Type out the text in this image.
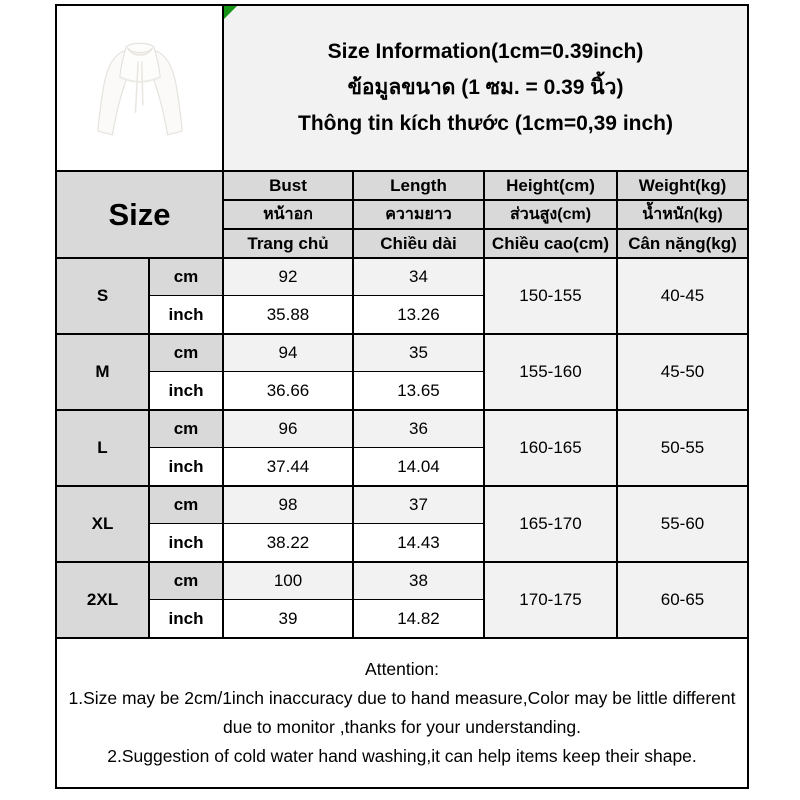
Size Information(1cm=0.39inch)
ข้อมูลขนาด (1 ซม. = 0.39 นิ้ว)
Thông tin kích thước (1cm=0,39 inch)			

Size		Bust	Length	Height(cm)	Weight(kg)
		หน้าอก	ความยาว	ส่วนสูง(cm)	น้ำหนัก(kg)
		Trang chủ	Chiều dài	Chiều cao(cm)	Cân nặng(kg)
S	cm	92	34	150-155	40-45
	inch	35.88	13.26		
M	cm	94	35	155-160	45-50
	inch	36.66	13.65		
L	cm	96	36	160-165	50-55
	inch	37.44	14.04		
XL	cm	98	37	165-170	55-60
	inch	38.22	14.43		
2XL	cm	100	38	170-175	60-65
	inch	39	14.82		

Attention:
1.Size may be 2cm/1inch inaccuracy due to hand measure,Color may be little different due to monitor ,thanks for your understanding.
2.Suggestion of cold water hand washing,it can help items keep their shape.					
